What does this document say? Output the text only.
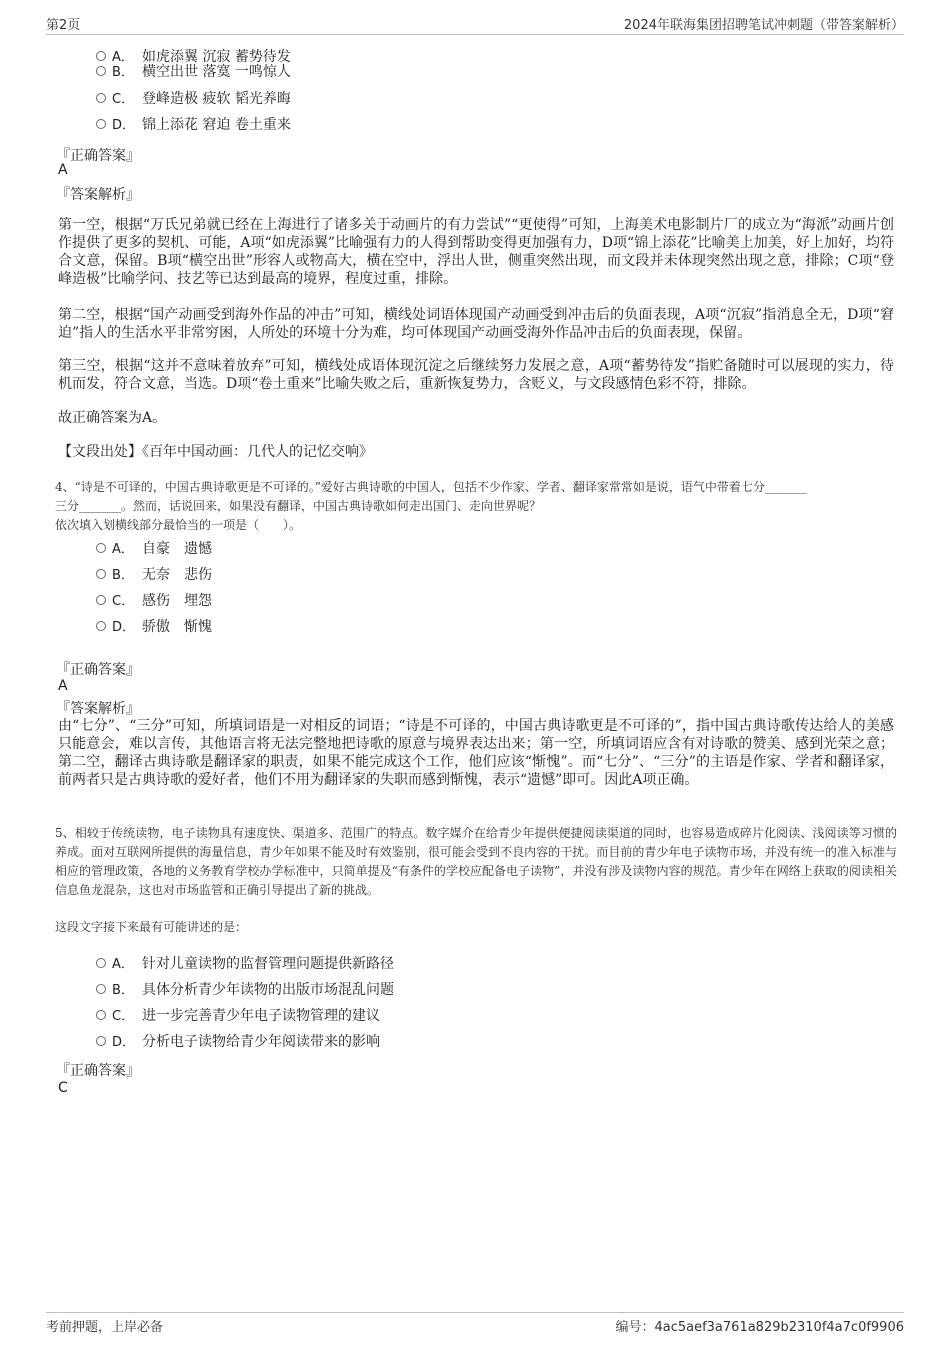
第2页	2024年联海集团招聘笔试冲刺题（带答案解析）
A． 如虎添翼 沉寂 蓄势待发
B． 横空出世 落寞 一鸣惊人
C． 登峰造极 疲软 韬光养晦
D． 锦上添花 窘迫 卷土重来
『正确答案』
A
『答案解析』
第一空，根据“万氏兄弟就已经在上海进行了诸多关于动画片的有力尝试”“更使得”可知，上海美术电影制片厂的成立为“海派”动画片创作提供了更多的契机、可能，A项“如虎添翼”比喻强有力的人得到帮助变得更加强有力，D项“锦上添花”比喻美上加美，好上加好，均符合文意，保留。B项“横空出世”形容人或物高大，横在空中，浮出人世，侧重突然出现，而文段并未体现突然出现之意，排除；C项“登峰造极”比喻学问、技艺等已达到最高的境界，程度过重，排除。
第二空，根据“国产动画受到海外作品的冲击”可知，横线处词语体现国产动画受到冲击后的负面表现，A项“沉寂”指消息全无，D项“窘迫”指人的生活水平非常穷困，人所处的环境十分为难，均可体现国产动画受海外作品冲击后的负面表现，保留。
第三空，根据“这并不意味着放弃”可知，横线处成语体现沉淀之后继续努力发展之意，A项“蓄势待发”指贮备随时可以展现的实力，待机而发，符合文意，当选。D项“卷土重来”比喻失败之后，重新恢复势力，含贬义，与文段感情色彩不符，排除。
故正确答案为A。
【文段出处】《百年中国动画：几代人的记忆交响》
4、“诗是不可译的，中国古典诗歌更是不可译的。”爱好古典诗歌的中国人，包括不少作家、学者、翻译家常常如是说，语气中带着七分_______
三分_______。然而，话说回来，如果没有翻译，中国古典诗歌如何走出国门、走向世界呢？
依次填入划横线部分最恰当的一项是（　　）。
A． 自豪　遗憾
B． 无奈　悲伤
C． 感伤　埋怨
D． 骄傲　惭愧
『正确答案』
A
『答案解析』
由“七分”、“三分”可知，所填词语是一对相反的词语；“诗是不可译的，中国古典诗歌更是不可译的”，指中国古典诗歌传达给人的美感只能意会，难以言传，其他语言将无法完整地把诗歌的原意与境界表达出来；第一空，所填词语应含有对诗歌的赞美、感到光荣之意；第二空，翻译古典诗歌是翻译家的职责，如果不能完成这个工作，他们应该“惭愧”。而“七分”、“三分”的主语是作家、学者和翻译家，前两者只是古典诗歌的爱好者，他们不用为翻译家的失职而感到惭愧，表示“遗憾”即可。因此A项正确。
5、相较于传统读物，电子读物具有速度快、渠道多、范围广的特点。数字媒介在给青少年提供便捷阅读渠道的同时，也容易造成碎片化阅读、浅阅读等习惯的养成。面对互联网所提供的海量信息，青少年如果不能及时有效鉴别，很可能会受到不良内容的干扰。而目前的青少年电子读物市场，并没有统一的准入标准与相应的管理政策，各地的义务教育学校办学标准中，只简单提及“有条件的学校应配备电子读物”，并没有涉及读物内容的规范。青少年在网络上获取的阅读相关信息鱼龙混杂，这也对市场监管和正确引导提出了新的挑战。
这段文字接下来最有可能讲述的是：
A． 针对儿童读物的监督管理问题提供新路径
B． 具体分析青少年读物的出版市场混乱问题
C． 进一步完善青少年电子读物管理的建议
D． 分析电子读物给青少年阅读带来的影响
『正确答案』
C
考前押题，上岸必备	编号：4ac5aef3a761a829b2310f4a7c0f9906
